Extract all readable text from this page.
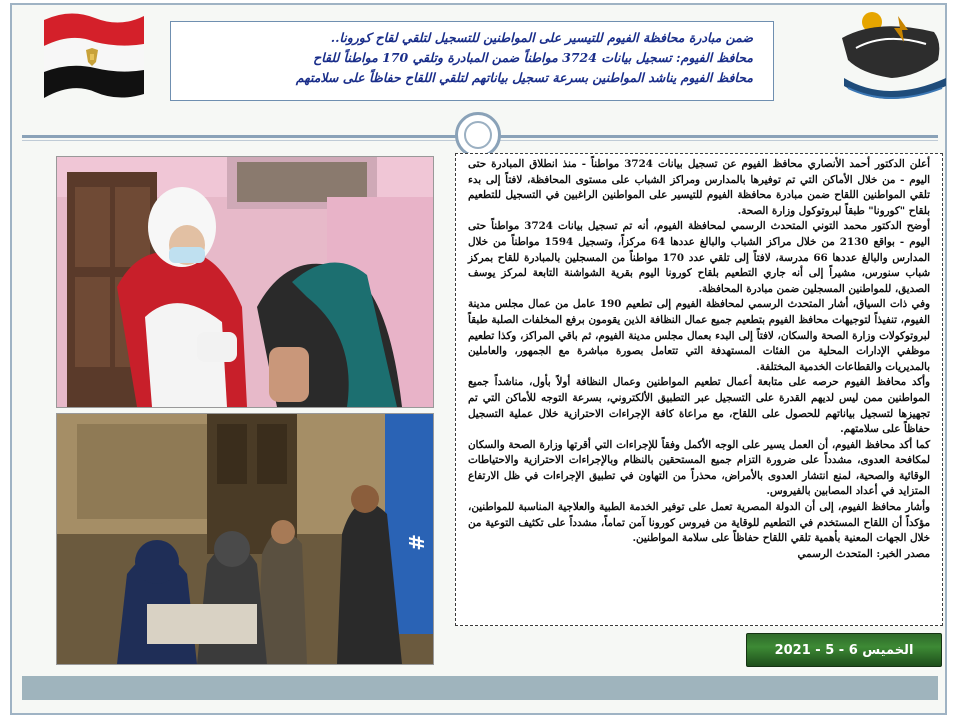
ضمن مبادرة محافظة الفيوم للتيسير على المواطنين للتسجيل لتلقي لقاح كورونا..
محافظ الفيوم: تسجيل بيانات 3724 مواطناً ضمن المبادرة وتلقي 170 مواطناً للقاح
محافظ الفيوم يناشد المواطنين بسرعة تسجيل بياناتهم لتلقي اللقاح حفاظاً على سلامتهم
#
أعلن الدكتور أحمد الأنصاري محافظ الفيوم عن تسجيل بيانات 3724 مواطناً - منذ انطلاق المبادرة حتى اليوم - من خلال الأماكن التي تم توفيرها بالمدارس ومراكز الشباب على مستوى المحافظة، لافتاً إلى بدء تلقي المواطنين اللقاح ضمن مبادرة محافظة الفيوم للتيسير على المواطنين الراغبين في التسجيل للتطعيم بلقاح "كورونا" طبقاً لبروتوكول وزارة الصحة.
أوضح الدكتور محمد التوني المتحدث الرسمي لمحافظة الفيوم، أنه تم تسجيل بيانات 3724 مواطناً حتى اليوم - بواقع 2130 من خلال مراكز الشباب والبالغ عددها 64 مركزاً، وتسجيل 1594 مواطناً من خلال المدارس والبالغ عددها 66 مدرسة، لافتاً إلى تلقي عدد 170 مواطناً من المسجلين بالمبادرة للقاح بمركز شباب سنورس، مشيراً إلى أنه جاري التطعيم بلقاح كورونا اليوم بقرية الشواشنة التابعة لمركز يوسف الصديق، للمواطنين المسجلين ضمن مبادرة المحافظة.
وفي ذات السياق، أشار المتحدث الرسمي لمحافظة الفيوم إلى تطعيم 190 عامل من عمال مجلس مدينة الفيوم، تنفيذاً لتوجيهات محافظ الفيوم بتطعيم جميع عمال النظافة الذين يقومون برفع المخلفات الصلبة طبقاً لبروتوكولات وزارة الصحة والسكان، لافتاً إلى البدء بعمال مجلس مدينة الفيوم، ثم باقي المراكز، وكذا تطعيم موظفي الإدارات المحلية من الفئات المستهدفة التي تتعامل بصورة مباشرة مع الجمهور، والعاملين بالمديريات والقطاعات الخدمية المختلفة.
وأكد محافظ الفيوم حرصه على متابعة أعمال تطعيم المواطنين وعمال النظافة أولاً بأول، مناشداً جميع المواطنين ممن ليس لديهم القدرة على التسجيل عبر التطبيق الألكتروني، بسرعة التوجه للأماكن التي تم تجهيزها لتسجيل بياناتهم للحصول على اللقاح، مع مراعاة كافة الإجراءات الاحترازية خلال عملية التسجيل حفاظاً على سلامتهم.
كما أكد محافظ الفيوم، أن العمل يسير على الوجه الأكمل وفقاً للإجراءات التي أقرتها وزارة الصحة والسكان لمكافحة العدوى، مشدداً على ضرورة التزام جميع المستحقين بالنظام وبالإجراءات الاحترازية والاحتياطات الوقائية والصحية، لمنع انتشار العدوى بالأمراض، محذراً من التهاون في تطبيق الإجراءات في ظل الارتفاع المتزايد في أعداد المصابين بالفيروس.
وأشار محافظ الفيوم، إلى أن الدولة المصرية تعمل على توفير الخدمة الطبية والعلاجية المناسبة للمواطنين، مؤكداً أن اللقاح المستخدم في التطعيم للوقاية من فيروس كورونا آمن تماماً، مشدداً على تكثيف التوعية من خلال الجهات المعنية بأهمية تلقي اللقاح حفاظاً على سلامة المواطنين.
مصدر الخبر: المتحدث الرسمي
الخميس 6 - 5 - 2021
